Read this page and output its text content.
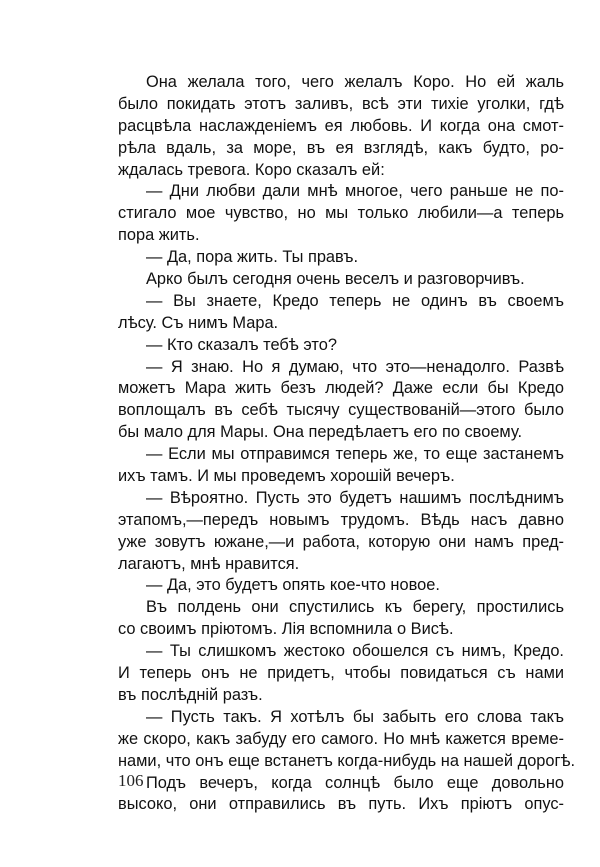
Она желала того, чего желалъ Коро. Но ей жаль
было покидать этотъ заливъ, всѣ эти тихiе уголки, гдѣ
расцвѣла наслажденiемъ ея любовь. И когда она смот-
рѣла вдаль, за море, въ ея взглядѣ, какъ будто, ро-
ждалась тревога. Коро сказалъ ей:
— Дни любви дали мнѣ многое, чего раньше не по-
стигало мое чувство, но мы только любили—а теперь
пора жить.
— Да, пора жить. Ты правъ.
Арко былъ сегодня очень веселъ и разговорчивъ.
— Вы знаете, Кредо теперь не одинъ въ своемъ
лѣсу. Съ нимъ Мара.
— Кто сказалъ тебѣ это?
— Я знаю. Но я думаю, что это—ненадолго. Развѣ
можетъ Мара жить безъ людей? Даже если бы Кредо
воплощалъ въ себѣ тысячу существованiй—этого было
бы мало для Мары. Она передѣлаетъ его по своему.
— Если мы отправимся теперь же, то еще застанемъ
ихъ тамъ. И мы проведемъ хорошiй вечеръ.
— Вѣроятно. Пусть это будетъ нашимъ послѣднимъ
этапомъ,—передъ новымъ трудомъ. Вѣдь насъ давно
уже зовутъ южане,—и работа, которую они намъ пред-
лагаютъ, мнѣ нравится.
— Да, это будетъ опять кое-что новое.
Въ полдень они спустились къ берегу, простились
со своимъ прiютомъ. Лiя вспомнила о Висѣ.
— Ты слишкомъ жестоко обошелся съ нимъ, Кредо.
И теперь онъ не придетъ, чтобы повидаться съ нами
въ послѣднiй разъ.
— Пусть такъ. Я хотѣлъ бы забыть его слова такъ
же скоро, какъ забуду его самого. Но мнѣ кажется време-
нами, что онъ еще встанетъ когда-нибудь на нашей дорогѣ.
Подъ вечеръ, когда солнцѣ было еще довольно
высоко, они отправились въ путь. Ихъ прiютъ опус-
106
